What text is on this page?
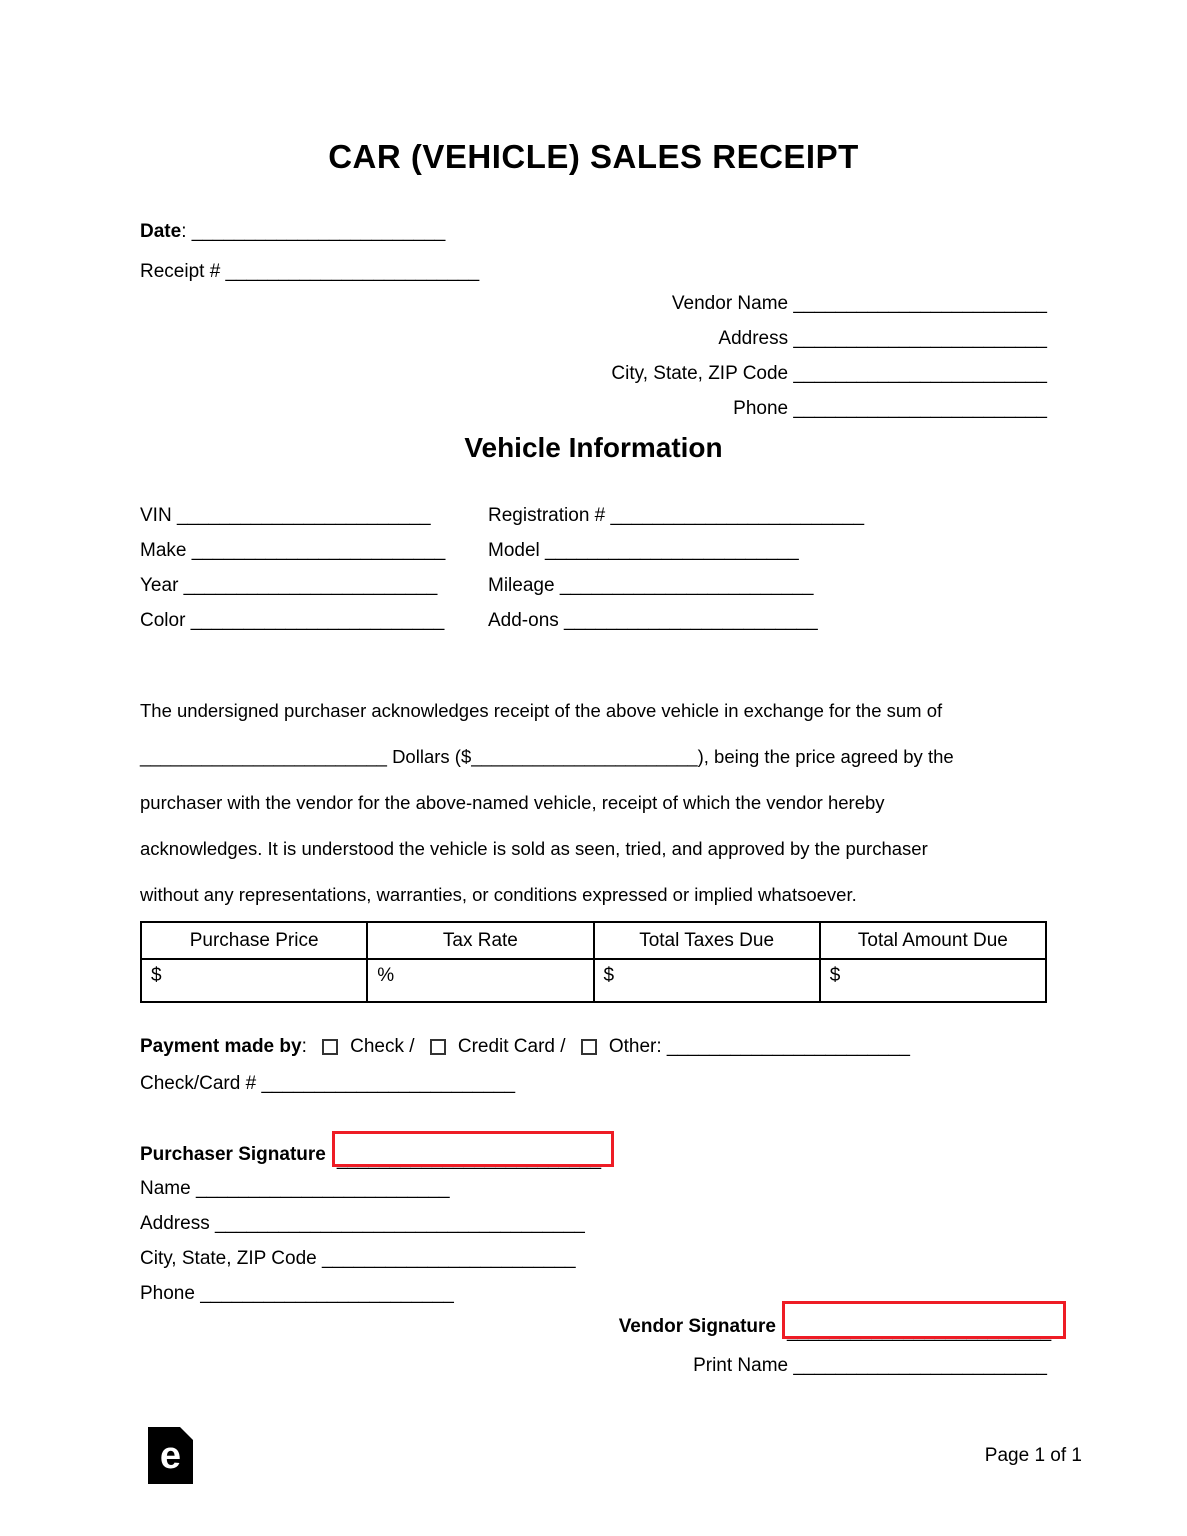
CAR (VEHICLE) SALES RECEIPT
Date: ________________________
Receipt # ________________________
Vendor Name ________________________
Address ________________________
City, State, ZIP Code ________________________
Phone ________________________
Vehicle Information
VIN ________________________
Make ________________________
Year ________________________
Color ________________________
Registration # ________________________
Model ________________________
Mileage ________________________
Add-ons ________________________
The undersigned purchaser acknowledges receipt of the above vehicle in exchange for the sum of
________________________ Dollars ($______________________), being the price agreed by the
purchaser with the vendor for the above-named vehicle, receipt of which the vendor hereby
acknowledges. It is understood the vehicle is sold as seen, tried, and approved by the purchaser
without any representations, warranties, or conditions expressed or implied whatsoever.
Purchase Price	Tax Rate	Total Taxes Due	Total Amount Due
$	%	$	$
Payment made by: Check / Credit Card / Other: _______________________
Check/Card # ________________________
Purchaser Signature _________________________
Name ________________________
Address ___________________________________
City, State, ZIP Code ________________________
Phone ________________________
Vendor Signature _________________________
Print Name ________________________
e	Page 1 of 1
